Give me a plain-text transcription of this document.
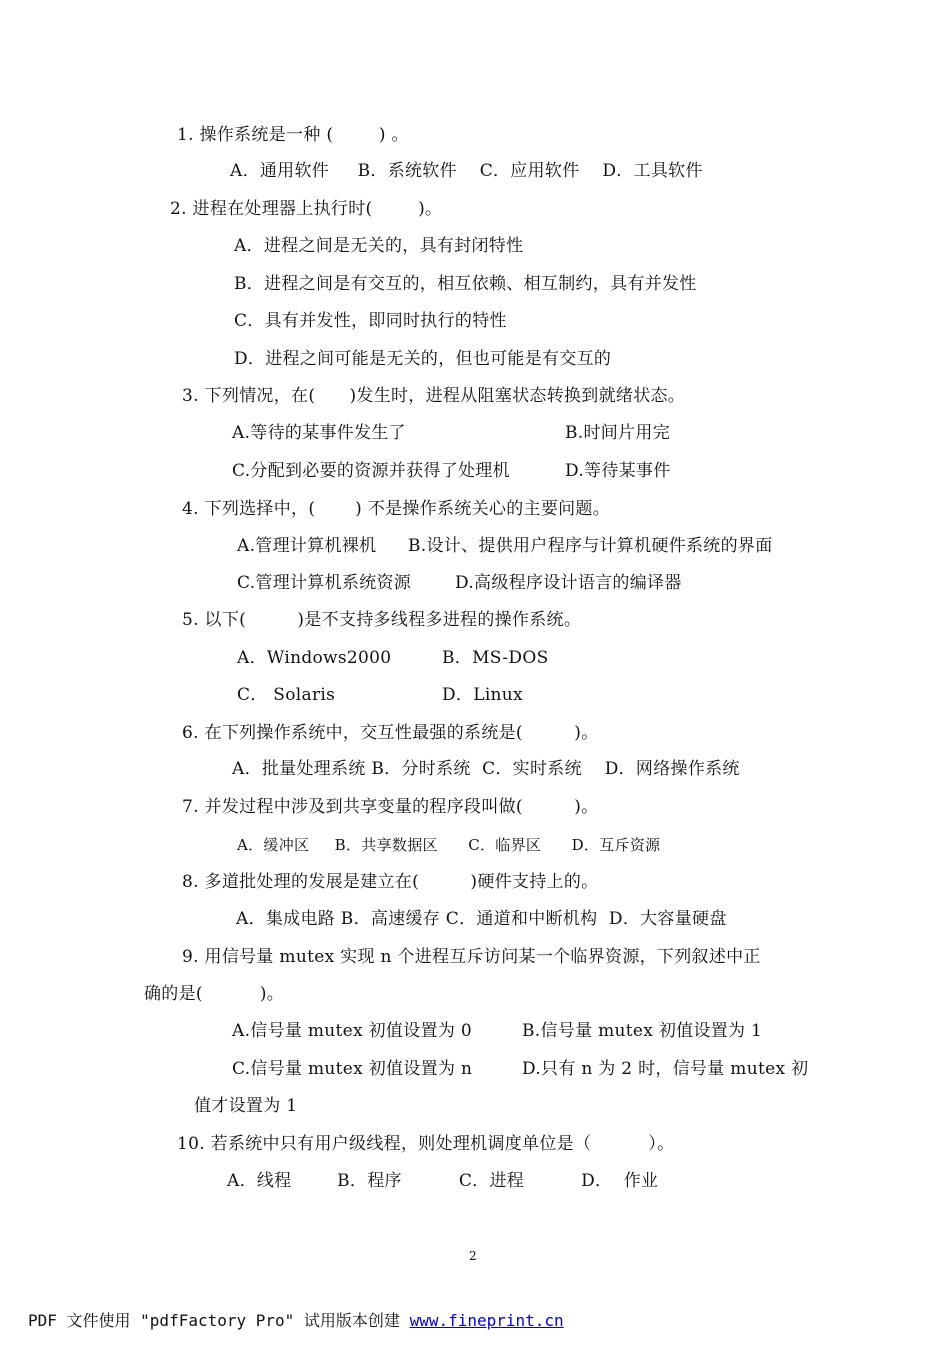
1. 操作系统是一种 (        ) 。
A．通用软件     B．系统软件    C．应用软件    D．工具软件
2. 进程在处理器上执行时(        )。
A．进程之间是无关的，具有封闭特性
B．进程之间是有交互的，相互依赖、相互制约，具有并发性
C．具有并发性，即同时执行的特性
D．进程之间可能是无关的，但也可能是有交互的
3. 下列情况，在(      )发生时，进程从阻塞状态转换到就绪状态。
A.等待的某事件发生了	B.时间片用完
C.分配到必要的资源并获得了处理机	D.等待某事件
4. 下列选择中，(       ) 不是操作系统关心的主要问题。
A.管理计算机裸机 B.设计、提供用户程序与计算机硬件系统的界面
C.管理计算机系统资源	D.高级程序设计语言的编译器
5. 以下(         )是不支持多线程多进程的操作系统。
A．Windows2000	B．MS-DOS
C． Solaris	D．Linux
6. 在下列操作系统中，交互性最强的系统是(         )。
A．批量处理系统 B．分时系统  C．实时系统    D．网络操作系统
7. 并发过程中涉及到共享变量的程序段叫做(         )。
A．缓冲区     B．共享数据区      C．临界区      D．互斥资源
8. 多道批处理的发展是建立在(         )硬件支持上的。
A．集成电路 B．高速缓存 C．通道和中断机构  D．大容量硬盘
9. 用信号量 mutex 实现 n 个进程互斥访问某一个临界资源，下列叙述中正
确的是(          )。
A.信号量 mutex 初值设置为 0	B.信号量 mutex 初值设置为 1
C.信号量 mutex 初值设置为 n	D.只有 n 为 2 时，信号量 mutex 初
值才设置为 1
10. 若系统中只有用户级线程，则处理机调度单位是（          ）。
A．线程        B．程序          C．进程          D．  作业
2
PDF 文件使用 "pdfFactory Pro" 试用版本创建 www.fineprint.cn
